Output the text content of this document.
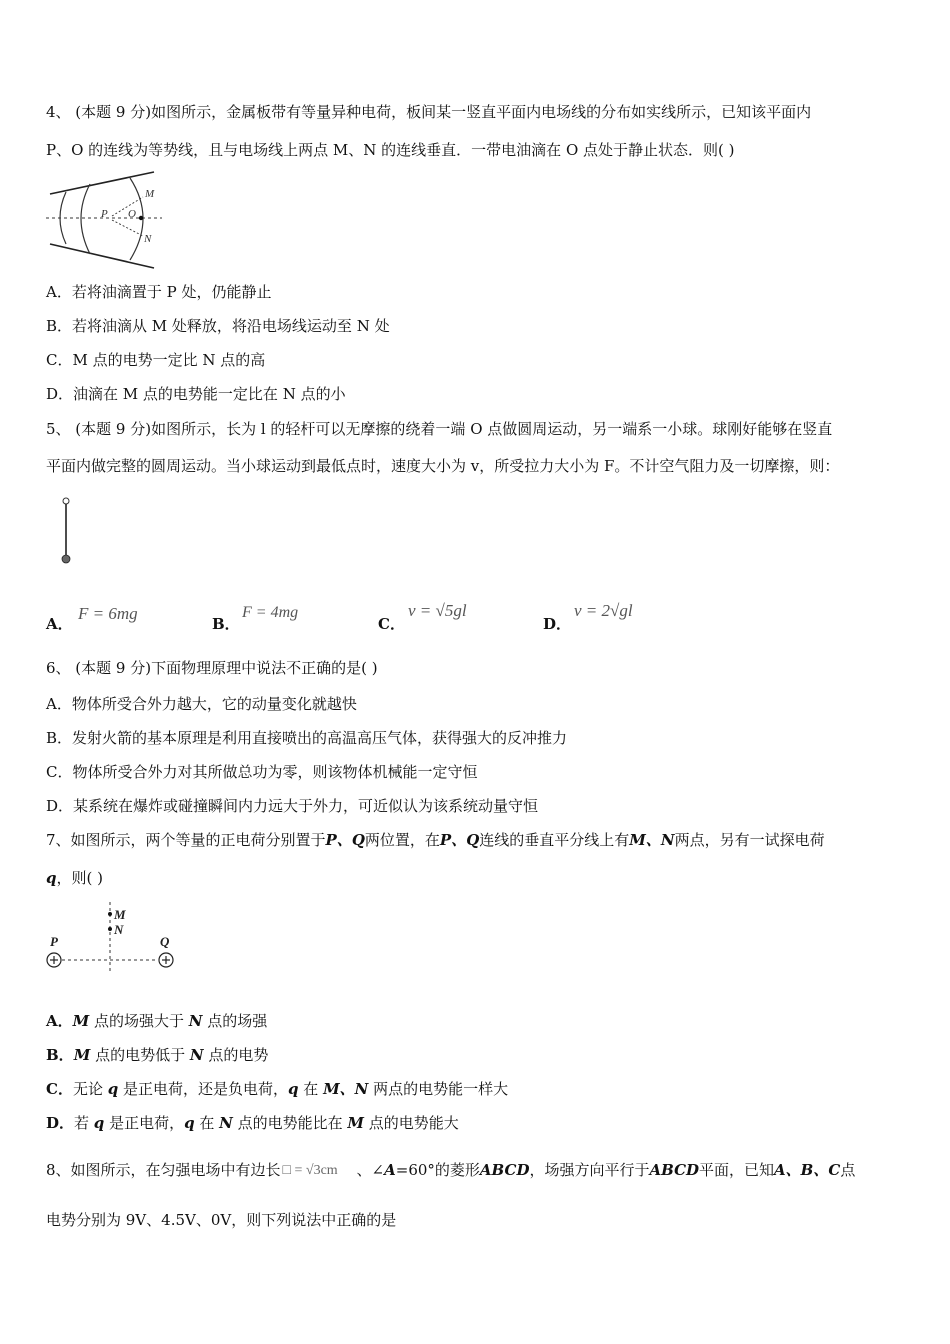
4、 (本题 9 分)如图所示，金属板带有等量异种电荷，板间某一竖直平面内电场线的分布如实线所示，已知该平面内
P、O 的连线为等势线，且与电场线上两点 M、N 的连线垂直．一带电油滴在 O 点处于静止状态．则( )
M
P O
N
A．若将油滴置于 P 处，仍能静止
B．若将油滴从 M 处释放，将沿电场线运动至 N 处
C．M 点的电势一定比 N 点的高
D．油滴在 M 点的电势能一定比在 N 点的小
5、 (本题 9 分)如图所示，长为 l 的轻杆可以无摩擦的绕着一端 O 点做圆周运动，另一端系一小球。球刚好能够在竖直
平面内做完整的圆周运动。当小球运动到最低点时，速度大小为 v，所受拉力大小为 F。不计空气阻力及一切摩擦，则：
A．
F = 6mg
B．
F = 4mg
C．
v = √5gl
D．
v = 2√gl
6、 (本题 9 分)下面物理原理中说法不正确的是( )
A．物体所受合外力越大，它的动量变化就越快
B．发射火箭的基本原理是利用直接喷出的高温高压气体，获得强大的反冲推力
C．物体所受合外力对其所做总功为零，则该物体机械能一定守恒
D．某系统在爆炸或碰撞瞬间内力远大于外力，可近似认为该系统动量守恒
7、如图所示，两个等量的正电荷分别置于P、Q两位置，在P、Q连线的垂直平分线上有M、N两点，另有一试探电荷
q，则( )
M
N
P	Q
A．M 点的场强大于 N 点的场强
B．M 点的电势低于 N 点的电势
C．无论 q 是正电荷，还是负电荷，q 在 M、N 两点的电势能一样大
D．若 q 是正电荷，q 在 N 点的电势能比在 M 点的电势能大
8、如图所示，在匀强电场中有边长 □ = √3cm 、∠A=60°的菱形ABCD，场强方向平行于ABCD平面，已知A、B、C点
电势分别为 9V、4.5V、0V，则下列说法中正确的是
